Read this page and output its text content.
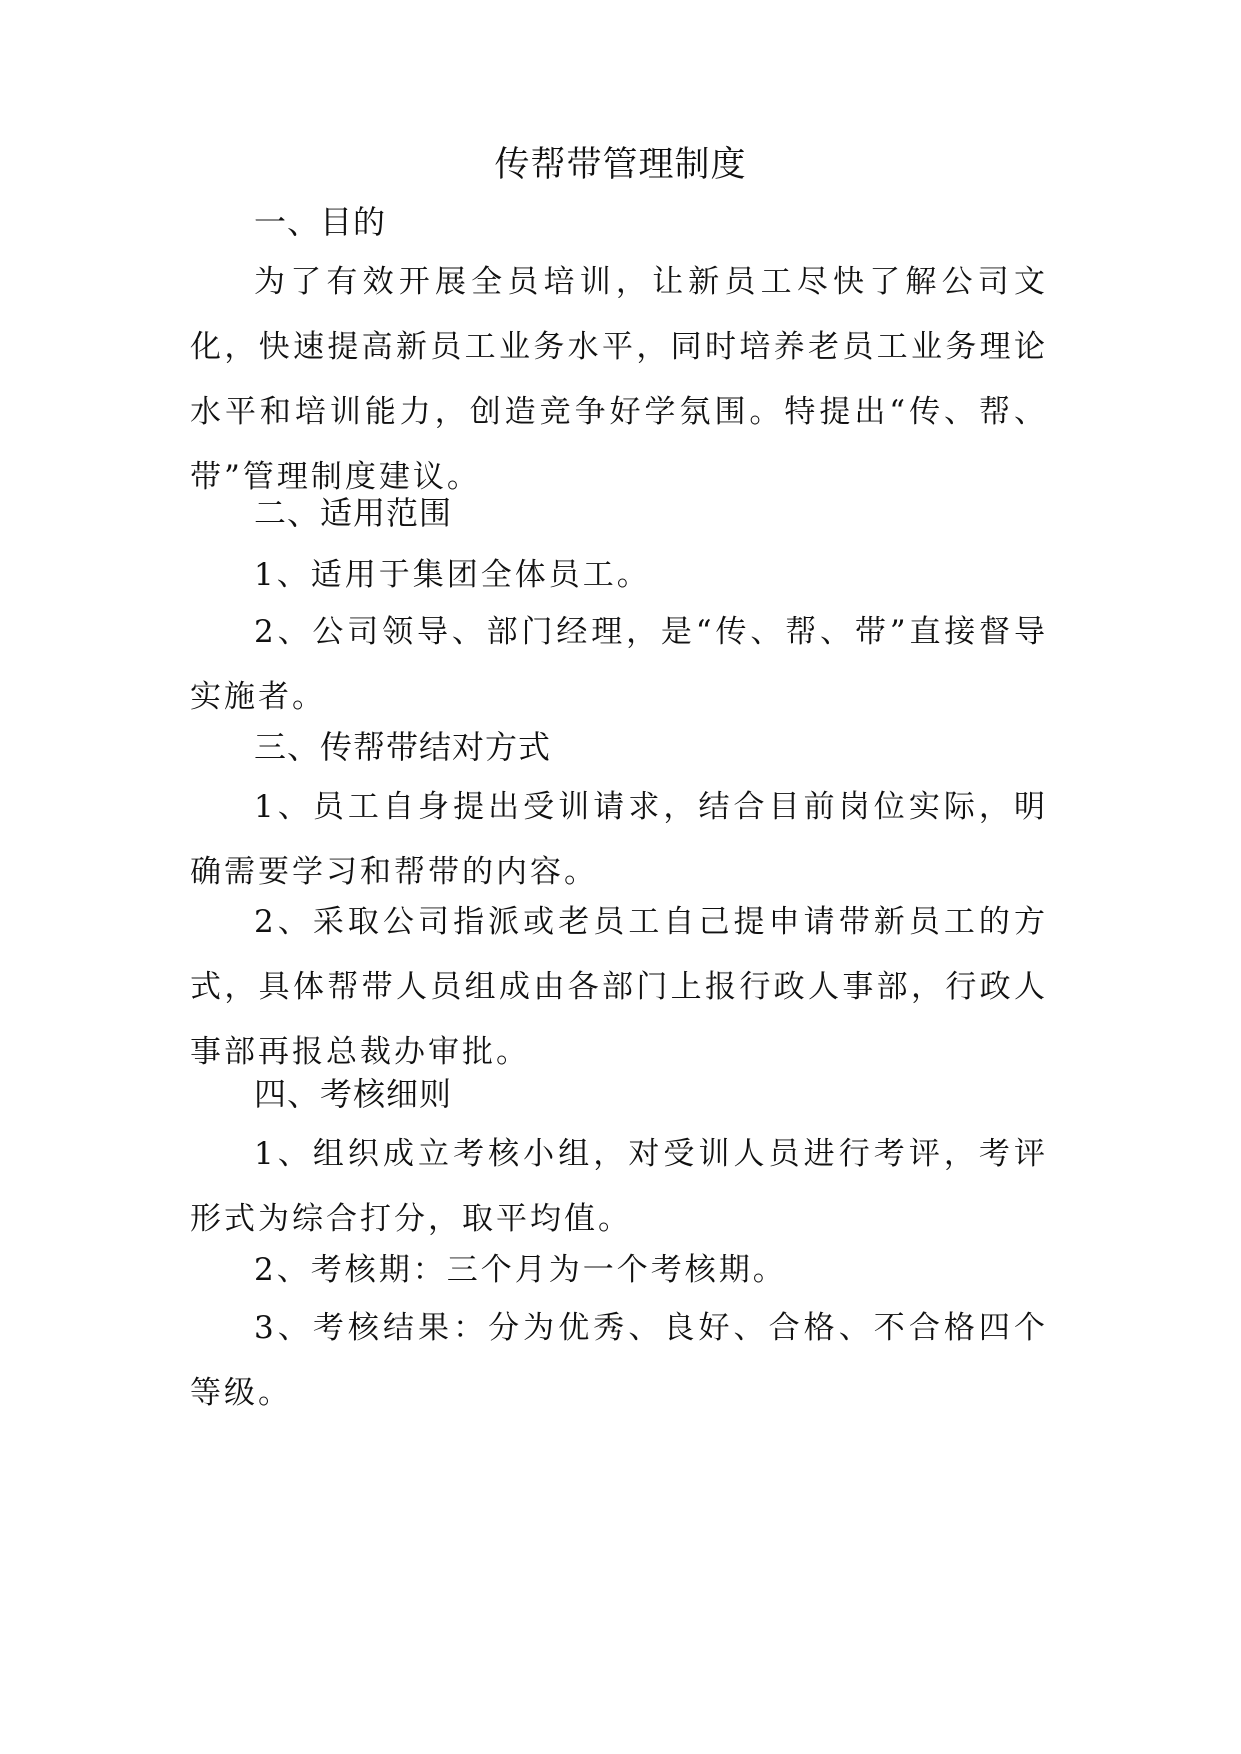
传帮带管理制度
一、目的
为了有效开展全员培训，让新员工尽快了解公司文化，快速提高新员工业务水平，同时培养老员工业务理论水平和培训能力，创造竞争好学氛围。特提出“传、帮、带”管理制度建议。
二、适用范围
1、适用于集团全体员工。
2、公司领导、部门经理，是“传、帮、带”直接督导实施者。
三、传帮带结对方式
1、员工自身提出受训请求，结合目前岗位实际，明确需要学习和帮带的内容。
2、采取公司指派或老员工自己提申请带新员工的方式，具体帮带人员组成由各部门上报行政人事部，行政人事部再报总裁办审批。
四、考核细则
1、组织成立考核小组，对受训人员进行考评，考评形式为综合打分，取平均值。
2、考核期：三个月为一个考核期。
3、考核结果：分为优秀、良好、合格、不合格四个等级。
